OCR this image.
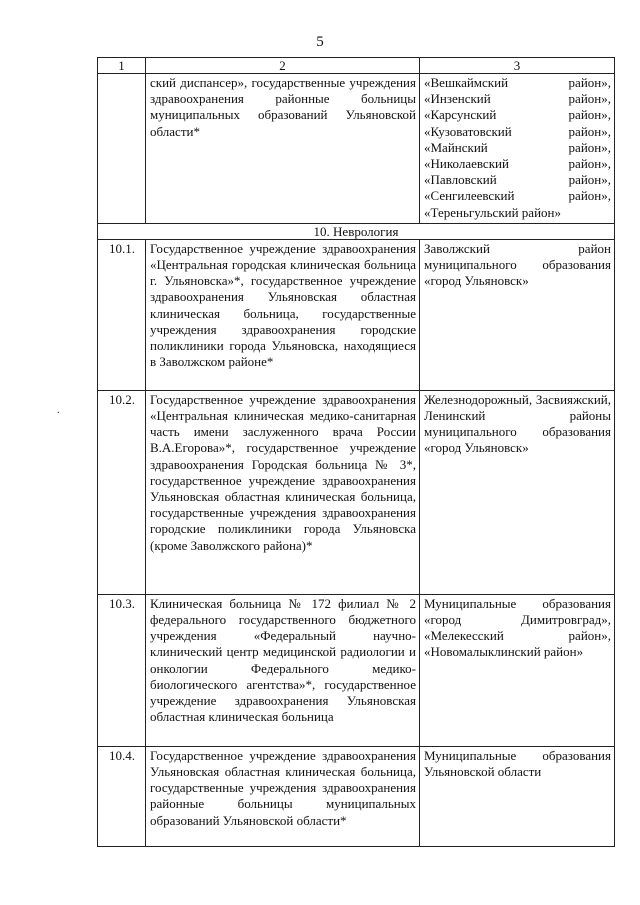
5
.
1	2	3
	ский диспансер», государственные учреждения здравоохранения районные больницы муниципальных образований Ульяновской области*	«Вешкаймский район», «Инзенский район», «Карсунский район», «Кузоватовский район», «Майнский район», «Николаевский район», «Павловский район», «Сенгилеевский район», «Тереньгульский район»
10. Неврология		
10.1.	Государственное учреждение здравоохранения «Центральная городская клиническая больница г. Ульяновска»*, государственное учреждение здравоохранения Ульяновская областная клиническая больница, государственные учреждения здравоохранения городские поликлиники города Ульяновска, находящиеся в Заволжском районе*	Заволжский район муниципального образования «город Ульяновск»
10.2.	Государственное учреждение здравоохранения «Центральная клиническая медико-санитарная часть имени заслуженного врача России В.А.Егорова»*, государственное учреждение здравоохранения Городская больница № 3*, государственное учреждение здравоохранения Ульяновская областная клиническая больница, государственные учреждения здравоохранения городские поликлиники города Ульяновска (кроме Заволжского района)*	Железнодорожный, Засвияжский, Ленинский районы муниципального образования «город Ульяновск»
10.3.	Клиническая больница № 172 филиал № 2 федерального государственного бюджетного учреждения «Федеральный научно-клинический центр медицинской радиологии и онкологии Федерального медико-биологического агентства»*, государственное учреждение здравоохранения Ульяновская областная клиническая больница	Муниципальные образования «город Димитровград», «Мелекесский район», «Новомалыклинский район»
10.4.	Государственное учреждение здравоохранения Ульяновская областная клиническая больница, государственные учреждения здравоохранения районные больницы муниципальных образований Ульяновской области*	Муниципальные образования Ульяновской области
